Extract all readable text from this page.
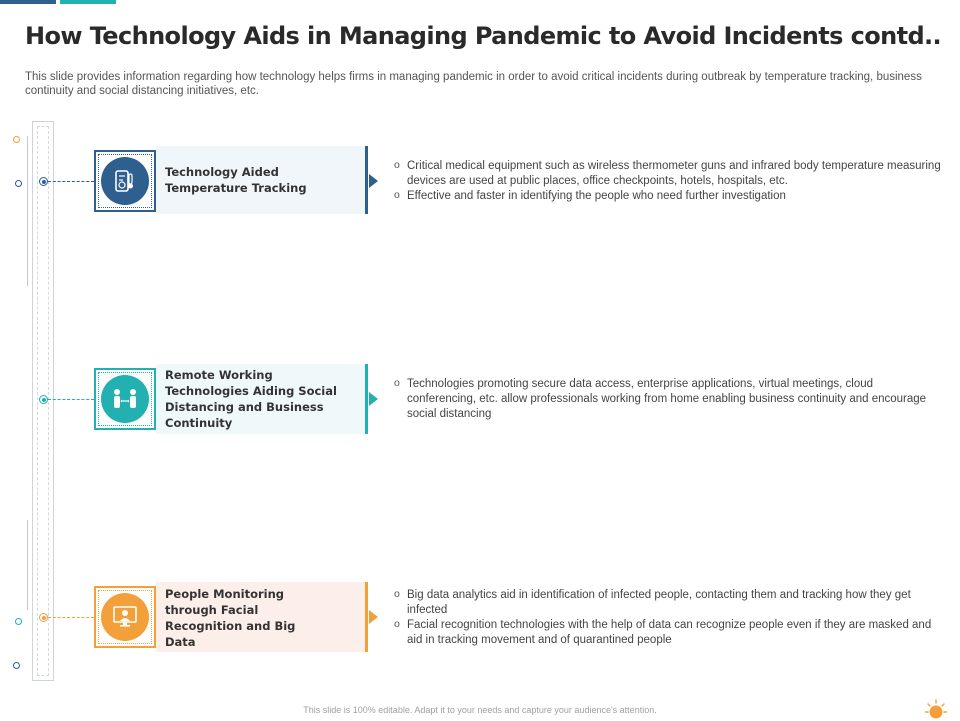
How Technology Aids in Managing Pandemic to Avoid Incidents contd..
This slide provides information regarding how technology helps firms in managing pandemic in order to avoid critical incidents during outbreak by temperature tracking, business continuity and social distancing initiatives, etc.
Technology Aided Temperature Tracking
o Critical medical equipment such as wireless thermometer guns and infrared body temperature measuring devices are used at public places, office checkpoints, hotels, hospitals, etc.
o Effective and faster in identifying the people who need further investigation
Remote Working Technologies Aiding Social Distancing and Business Continuity
o Technologies promoting secure data access, enterprise applications, virtual meetings, cloud conferencing, etc. allow professionals working from home enabling business continuity and encourage social distancing
People Monitoring through Facial Recognition and Big Data
o Big data analytics aid in identification of infected people, contacting them and tracking how they get infected
o Facial recognition technologies with the help of data can recognize people even if they are masked and aid in tracking movement and of quarantined people
This slide is 100% editable. Adapt it to your needs and capture your audience's attention.
